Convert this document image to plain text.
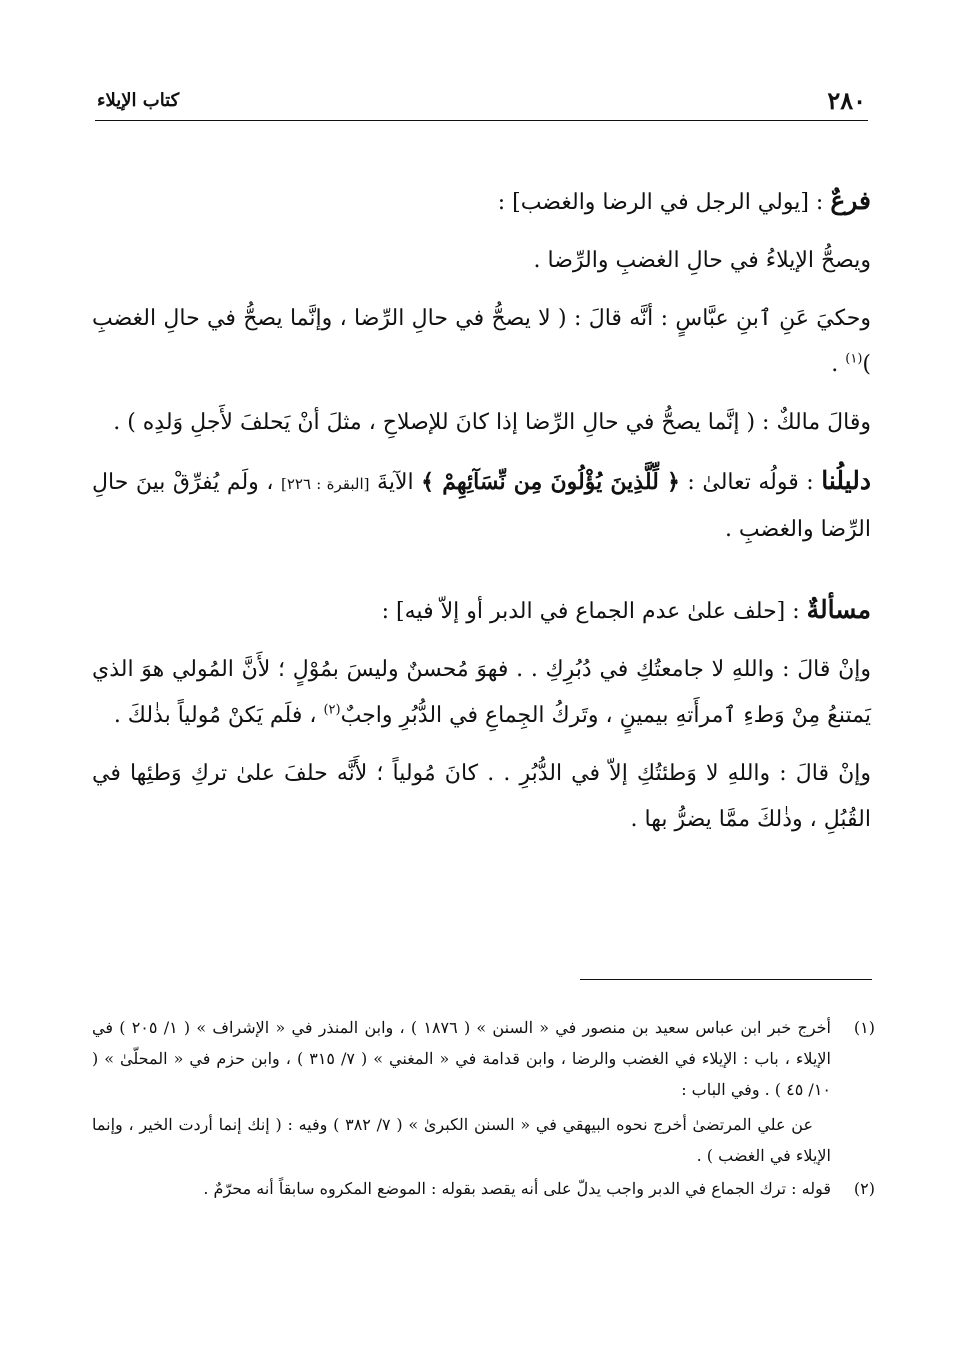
٢٨٠
كتاب الإيلاء

فرعٌ : [يولي الرجل في الرضا والغضب] :

ويصحُّ الإيلاءُ في حالِ الغضبِ والرِّضا .

وحكيَ عَنِ ٱبنِ عبَّاسٍ : أنَّه قالَ : ( لا يصحُّ في حالِ الرِّضا ، وإنَّما يصحُّ في حالِ الغضبِ )$^{(١)}$ .

وقالَ مالكٌ : ( إنَّما يصحُّ في حالِ الرِّضا إذا كانَ للإصلاحِ ، مثلَ أنْ يَحلفَ لأَجلِ وَلدِه ) .

دليلُنا : قولُه تعالىٰ : ﴿ لِّلَّذِينَ يُؤْلُونَ مِن نِّسَآئِهِمْ ﴾ الآيةَ [البقرة : ٢٢٦] ، ولَم يُفرِّقْ بينَ حالِ الرِّضا والغضبِ .

مسألةٌ : [حلف علىٰ عدم الجماع في الدبر أو إلاّ فيه] :

وإنْ قالَ : واللهِ لا جامعتُكِ في دُبُرِكِ . . فهوَ مُحسنٌ وليسَ بمُوْلٍ ؛ لأَنَّ المُولي هوَ الذي يَمتنعُ مِنْ وَطءِ ٱمرأَتهِ بيمينٍ ، وتَركُ الجِماعِ في الدُّبُرِ واجبٌ$^{(٢)}$ ، فلَم يَكنْ مُولياً بذٰلكَ .

وإنْ قالَ : واللهِ لا وَطئتُكِ إلاّ في الدُّبُرِ . . كانَ مُولياً ؛ لأَنَّه حلفَ علىٰ تركِ وَطئِها في القُبُلِ ، وذٰلكَ ممَّا يضرُّ بها .

(١)
أخرج خبر ابن عباس سعيد بن منصور في « السنن » ( ١٨٧٦ ) ، وابن المنذر في « الإشراف » ( ١/ ٢٠٥ ) في الإيلاء ، باب : الإيلاء في الغضب والرضا ، وابن قدامة في « المغني » ( ٧/ ٣١٥ ) ، وابن حزم في « المحلّىٰ » ( ١٠/ ٤٥ ) . وفي الباب :
عن علي المرتضىٰ أخرج نحوه البيهقي في « السنن الكبرىٰ » ( ٧/ ٣٨٢ ) وفيه : ( إنك إنما أردت الخير ، وإنما الإيلاء في الغضب ) .
(٢)
قوله : ترك الجماع في الدبر واجب يدلّ على أنه يقصد بقوله : الموضع المكروه سابقاً أنه محرّمٌ .
